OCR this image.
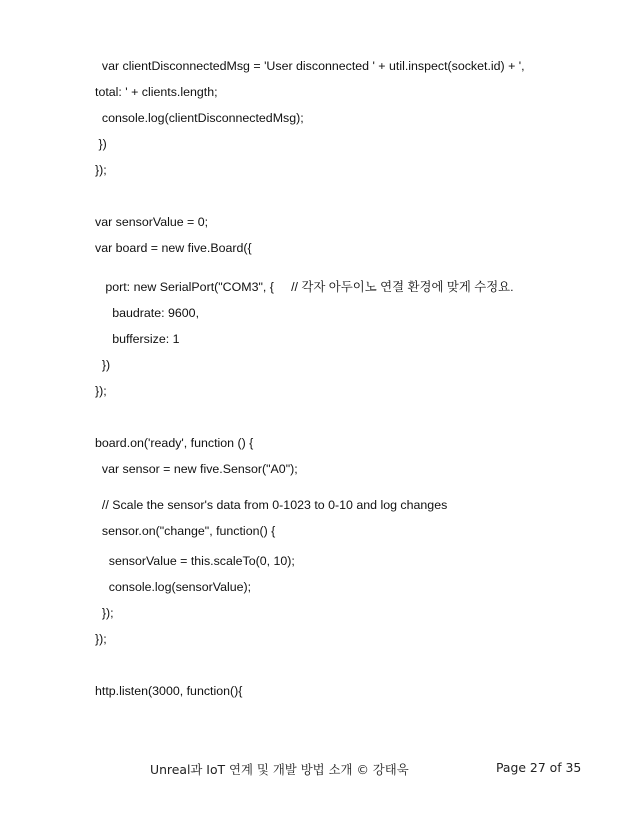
var clientDisconnectedMsg = 'User disconnected ' + util.inspect(socket.id) + ',
total: ' + clients.length;
console.log(clientDisconnectedMsg);
})
});
var sensorValue = 0;
var board = new five.Board({
port: new SerialPort("COM3", {     // 각자 아두이노 연결 환경에 맞게 수정요.
baudrate: 9600,
buffersize: 1
})
});
board.on('ready', function () {
var sensor = new five.Sensor("A0");
// Scale the sensor's data from 0-1023 to 0-10 and log changes
sensor.on("change", function() {
sensorValue = this.scaleTo(0, 10);
console.log(sensorValue);
});
});
http.listen(3000, function(){
Unreal과 IoT 연계 및 개발 방법 소개 © 강태욱	Page 27 of 35
